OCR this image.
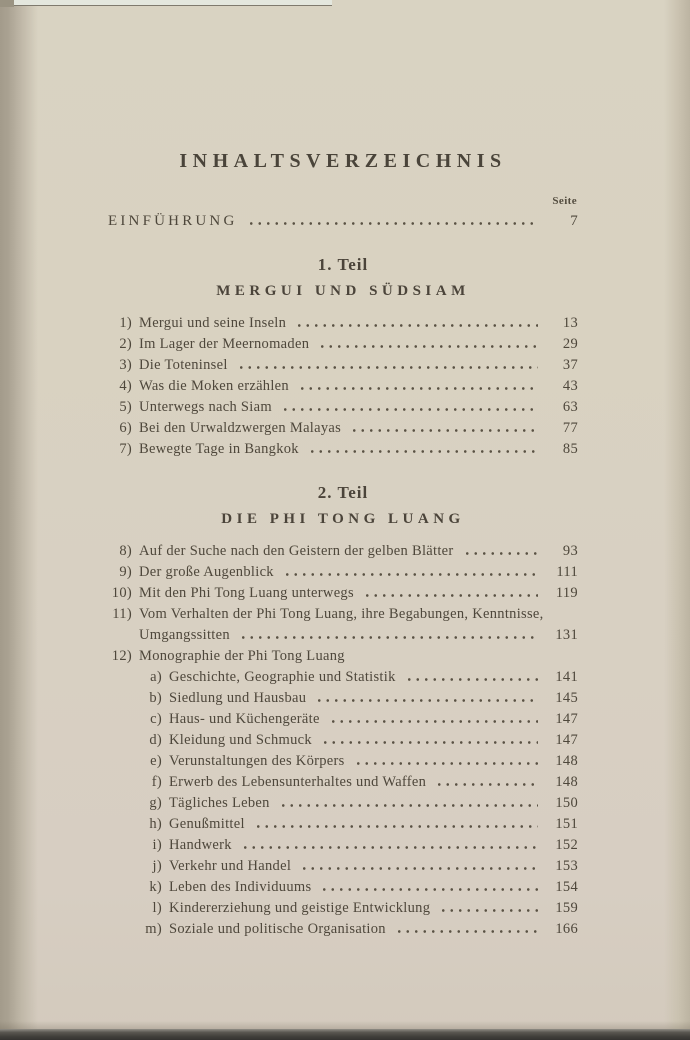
INHALTSVERZEICHNIS
Seite
EINFÜHRUNG	7
1. Teil
MERGUI UND SÜDSIAM
1) Mergui und seine Inseln	13
2) Im Lager der Meernomaden	29
3) Die Toteninsel	37
4) Was die Moken erzählen	43
5) Unterwegs nach Siam	63
6) Bei den Urwaldzwergen Malayas	77
7) Bewegte Tage in Bangkok	85
2. Teil
DIE PHI TONG LUANG
8) Auf der Suche nach den Geistern der gelben Blätter	93
9) Der große Augenblick	111
10) Mit den Phi Tong Luang unterwegs	119
11) Vom Verhalten der Phi Tong Luang, ihre Begabungen, Kenntnisse,
Umgangssitten	131
12) Monographie der Phi Tong Luang
a) Geschichte, Geographie und Statistik	141
b) Siedlung und Hausbau	145
c) Haus- und Küchengeräte	147
d) Kleidung und Schmuck	147
e) Verunstaltungen des Körpers	148
f) Erwerb des Lebensunterhaltes und Waffen	148
g) Tägliches Leben	150
h) Genußmittel	151
i) Handwerk	152
j) Verkehr und Handel	153
k) Leben des Individuums	154
l) Kindererziehung und geistige Entwicklung	159
m) Soziale und politische Organisation	166
